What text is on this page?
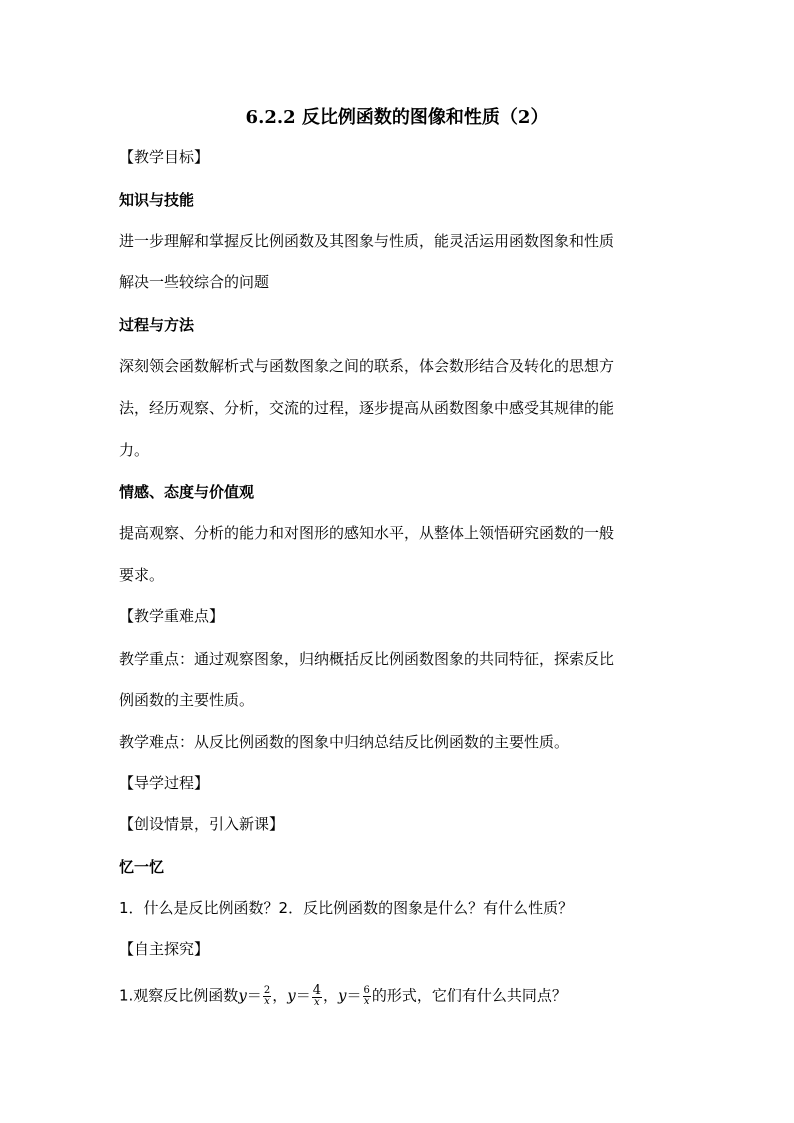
6.2.2 反比例函数的图像和性质（2）
【教学目标】
知识与技能
进一步理解和掌握反比例函数及其图象与性质，能灵活运用函数图象和性质
解决一些较综合的问题
过程与方法
深刻领会函数解析式与函数图象之间的联系，体会数形结合及转化的思想方
法，经历观察、分析，交流的过程，逐步提高从函数图象中感受其规律的能
力。
情感、态度与价值观
提高观察、分析的能力和对图形的感知水平，从整体上领悟研究函数的一般
要求。
【教学重难点】
教学重点：通过观察图象，归纳概括反比例函数图象的共同特征，探索反比
例函数的主要性质。
教学难点：从反比例函数的图象中归纳总结反比例函数的主要性质。
【导学过程】
【创设情景，引入新课】
忆一忆
1．什么是反比例函数？2．反比例函数的图象是什么？有什么性质？
【自主探究】
1.观察反比例函数$y= \frac{2}{x}$ ，$y= \frac{4}{x}$ ，$y= \frac{6}{x}$ 的形式，它们有什么共同点？
